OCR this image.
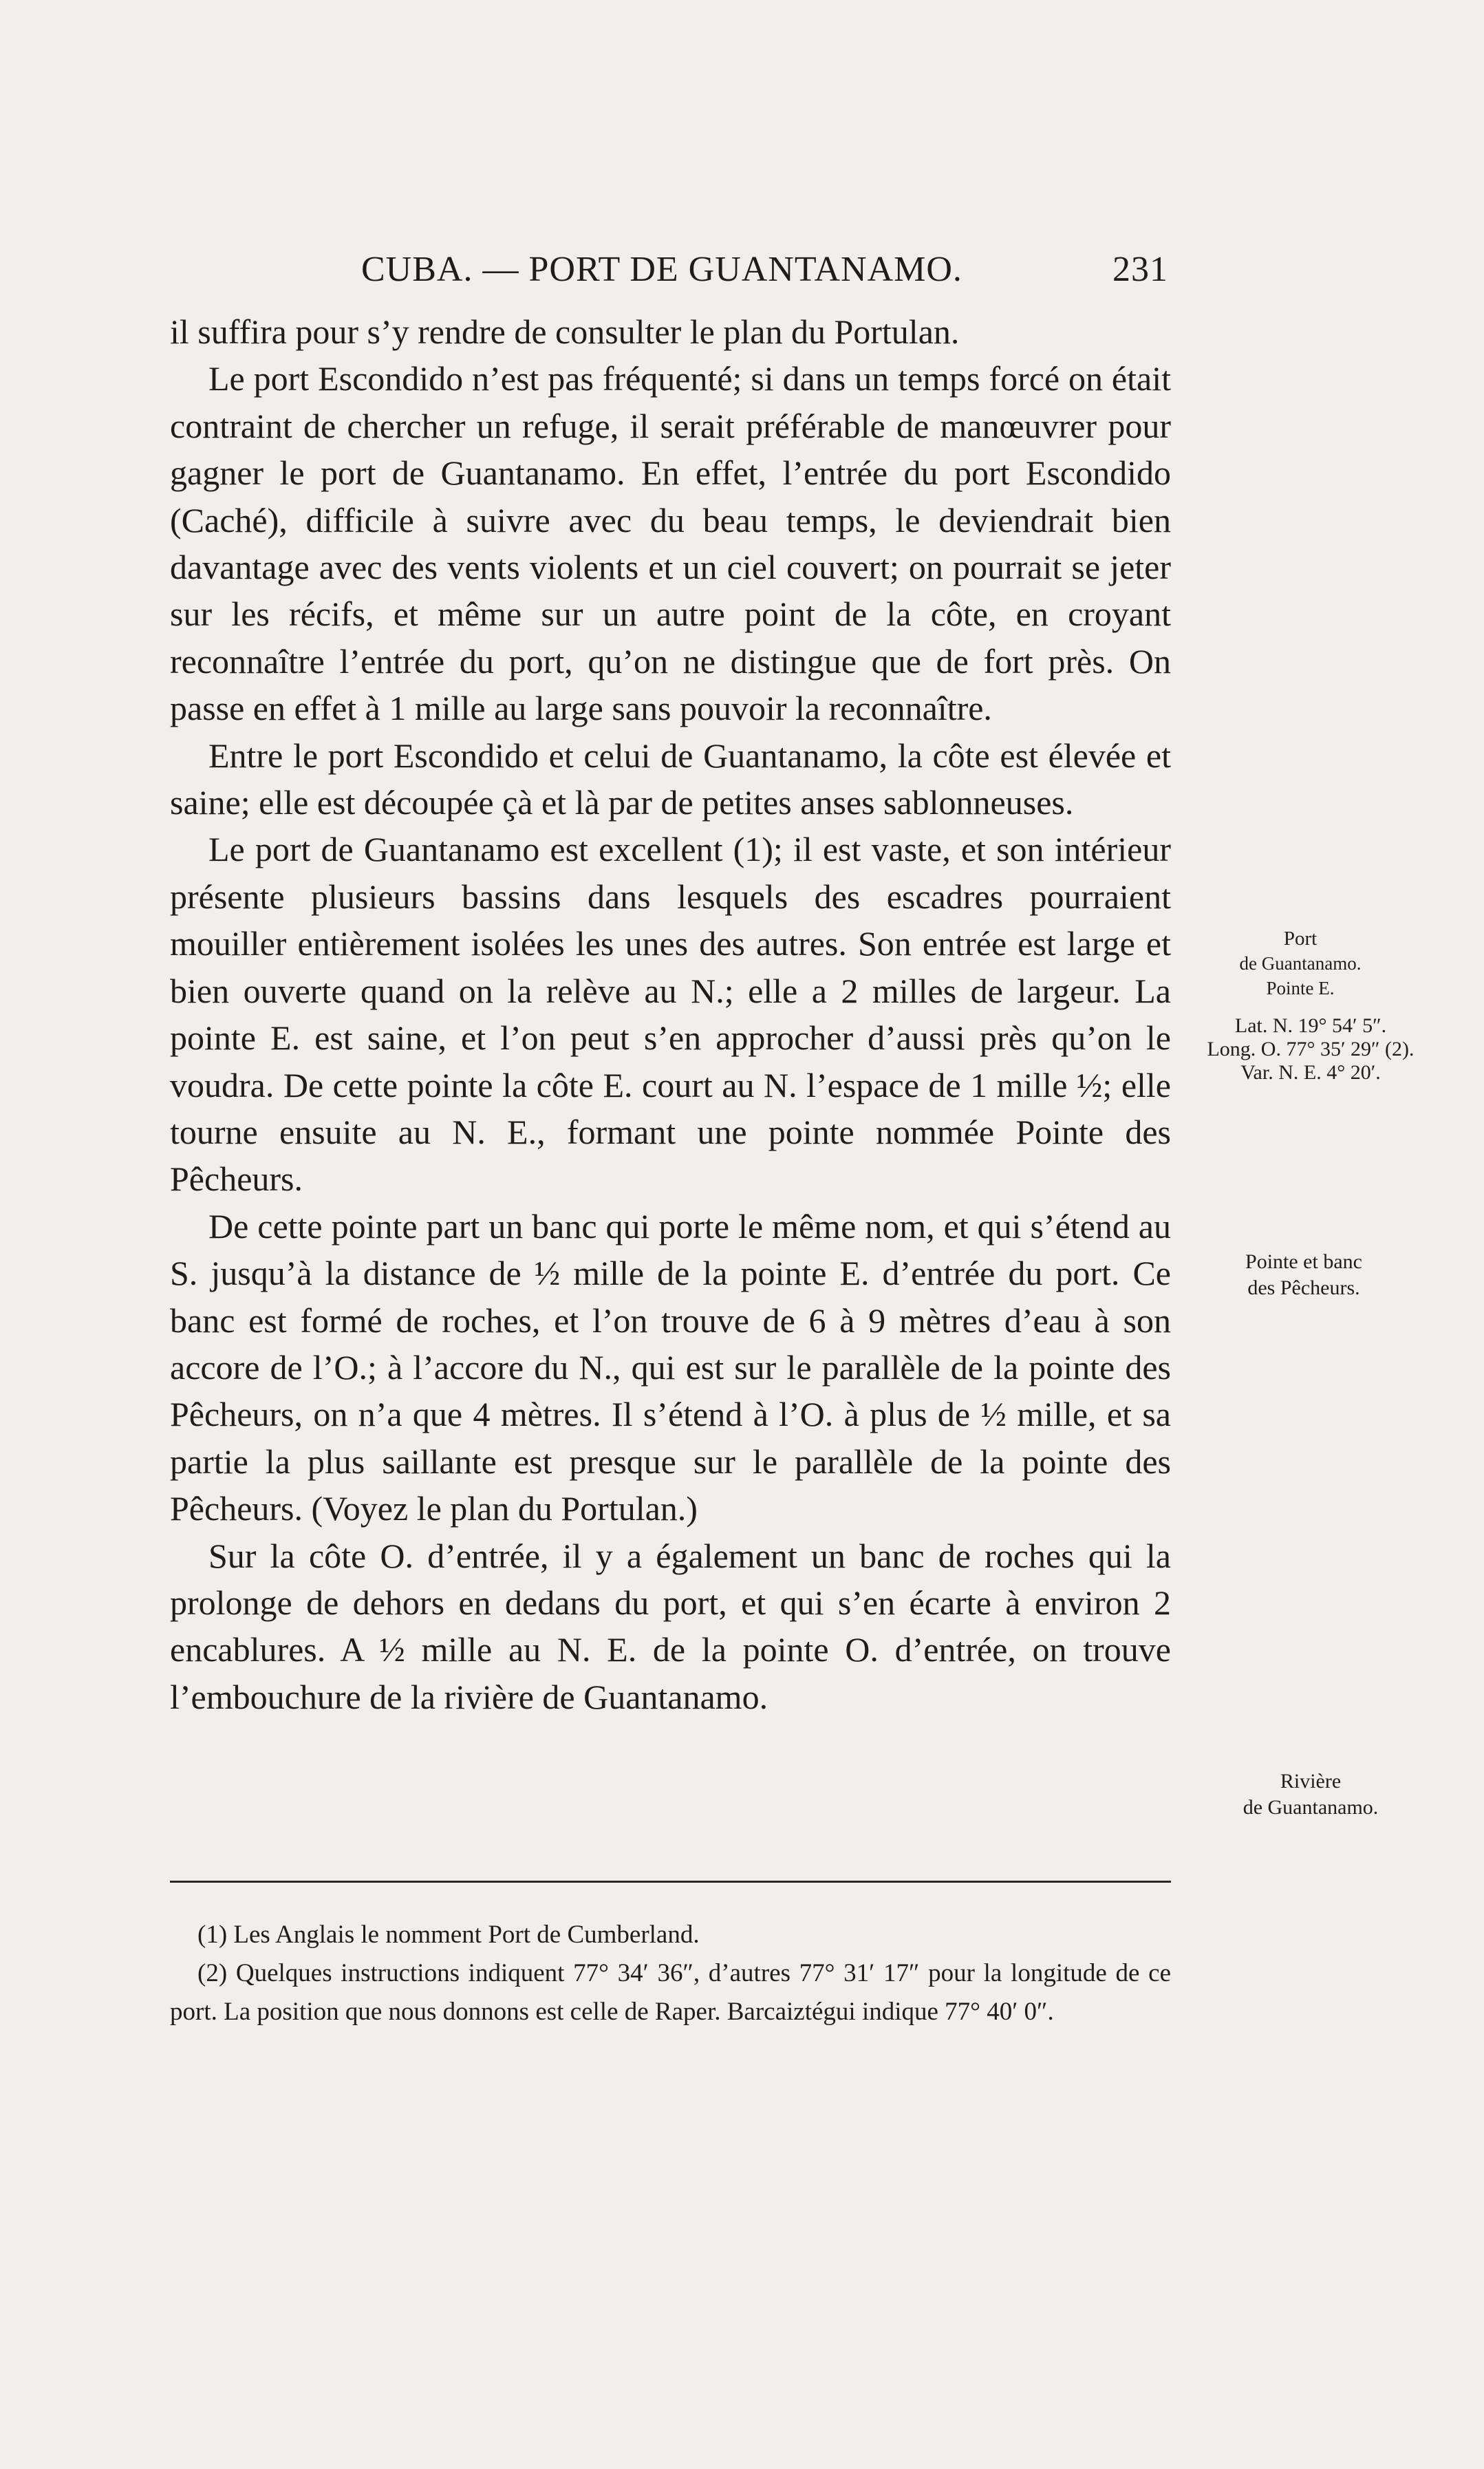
CUBA. — PORT DE GUANTANAMO.	231

il suffira pour s’y rendre de consulter le plan du Portulan.

Le port Escondido n’est pas fréquenté; si dans un temps forcé on était contraint de chercher un refuge, il serait préférable de manœuvrer pour gagner le port de Guantanamo. En effet, l’entrée du port Escondido (Caché), difficile à suivre avec du beau temps, le deviendrait bien davantage avec des vents violents et un ciel couvert; on pourrait se jeter sur les récifs, et même sur un autre point de la côte, en croyant reconnaître l’entrée du port, qu’on ne distingue que de fort près. On passe en effet à 1 mille au large sans pouvoir la reconnaître.

Entre le port Escondido et celui de Guantanamo, la côte est élevée et saine; elle est découpée çà et là par de petites anses sablonneuses.

Le port de Guantanamo est excellent (1); il est vaste, et son intérieur présente plusieurs bassins dans lesquels des escadres pourraient mouiller entièrement isolées les unes des autres. Son entrée est large et bien ouverte quand on la relève au N.; elle a 2 milles de largeur. La pointe E. est saine, et l’on peut s’en approcher d’aussi près qu’on le voudra. De cette pointe la côte E. court au N. l’espace de 1 mille ½; elle tourne ensuite au N. E., formant une pointe nommée Pointe des Pêcheurs.

De cette pointe part un banc qui porte le même nom, et qui s’étend au S. jusqu’à la distance de ½ mille de la pointe E. d’entrée du port. Ce banc est formé de roches, et l’on trouve de 6 à 9 mètres d’eau à son accore de l’O.; à l’accore du N., qui est sur le parallèle de la pointe des Pêcheurs, on n’a que 4 mètres. Il s’étend à l’O. à plus de ½ mille, et sa partie la plus saillante est presque sur le parallèle de la pointe des Pêcheurs. (Voyez le plan du Portulan.)

Sur la côte O. d’entrée, il y a également un banc de roches qui la prolonge de dehors en dedans du port, et qui s’en écarte à environ 2 encablures. A ½ mille au N. E. de la pointe O. d’entrée, on trouve l’embouchure de la rivière de Guantanamo.

Port
de Guantanamo.
Pointe E.
Lat. N. 19° 54′ 5″.
Long. O. 77° 35′ 29″ (2).
Var. N. E. 4° 20′.
Pointe et banc
des Pêcheurs.
Rivière
de Guantanamo.

(1) Les Anglais le nomment Port de Cumberland.

(2) Quelques instructions indiquent 77° 34′ 36″, d’autres 77° 31′ 17″ pour la longitude de ce port. La position que nous donnons est celle de Raper. Barcaiztégui indique 77° 40′ 0″.
